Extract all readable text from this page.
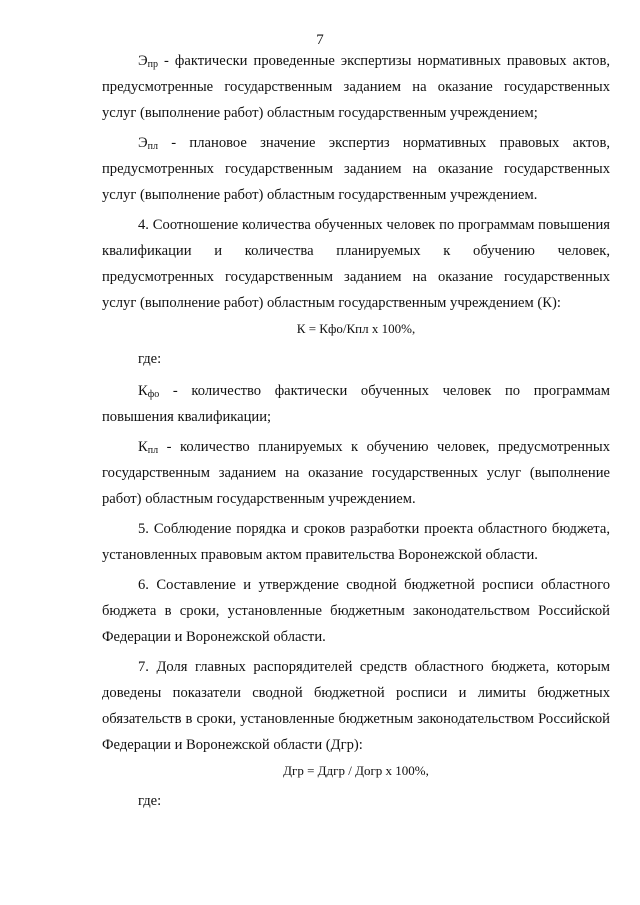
7

$Э_{пр}$ - фактически проведенные экспертизы нормативных правовых актов, предусмотренные государственным заданием на оказание государственных услуг (выполнение работ) областным государственным учреждением;

$Э_{пл}$ - плановое значение экспертиз нормативных правовых актов, предусмотренных государственным заданием на оказание государственных услуг (выполнение работ) областным государственным учреждением.

4. Соотношение количества обученных человек по программам повышения квалификации и количества планируемых к обучению человек, предусмотренных государственным заданием на оказание государственных услуг (выполнение работ) областным государственным учреждением (К):

К = Кфо/Кпл х 100%,

где:

$К_{фо}$ - количество фактически обученных человек по программам повышения квалификации;

$К_{пл}$ - количество планируемых к обучению человек, предусмотренных государственным заданием на оказание государственных услуг (выполнение работ) областным государственным учреждением.

5. Соблюдение порядка и сроков разработки проекта областного бюджета, установленных правовым актом правительства Воронежской области.

6. Составление и утверждение сводной бюджетной росписи областного бюджета в сроки, установленные бюджетным законодательством Российской Федерации и Воронежской области.

7. Доля главных распорядителей средств областного бюджета, которым доведены показатели сводной бюджетной росписи и лимиты бюджетных обязательств в сроки, установленные бюджетным законодательством Российской Федерации и Воронежской области (Дгр):

Дгр = Ддгр / Догр х 100%,

где:
